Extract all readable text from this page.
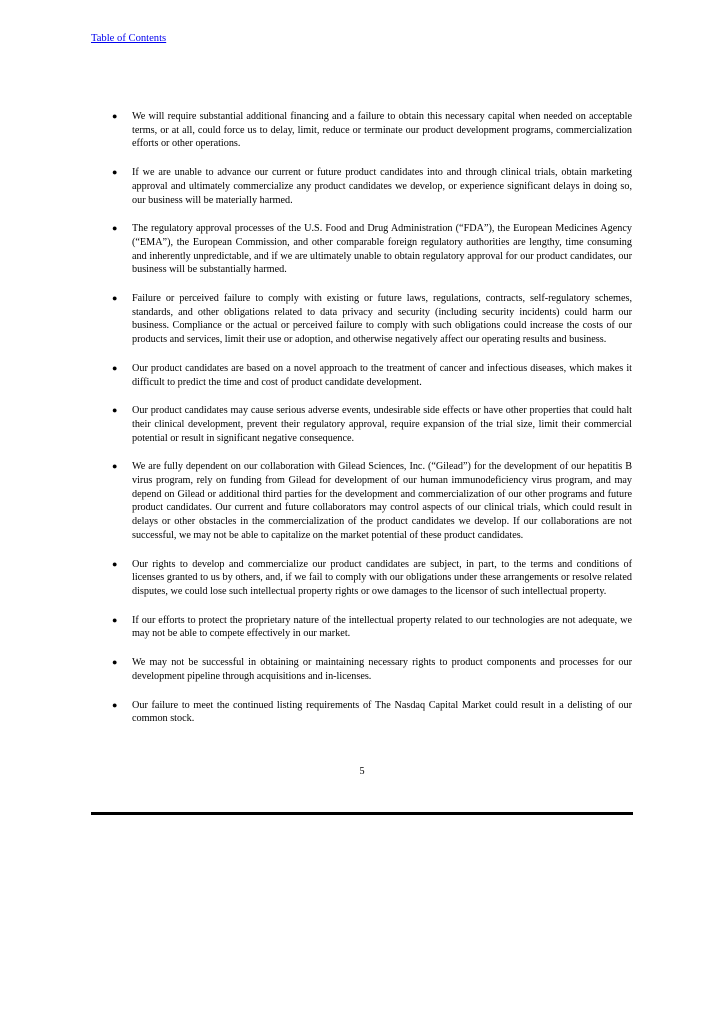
Table of Contents
● We will require substantial additional financing and a failure to obtain this necessary capital when needed on acceptable terms, or at all, could force us to delay, limit, reduce or terminate our product development programs, commercialization efforts or other operations.
● If we are unable to advance our current or future product candidates into and through clinical trials, obtain marketing approval and ultimately commercialize any product candidates we develop, or experience significant delays in doing so, our business will be materially harmed.
● The regulatory approval processes of the U.S. Food and Drug Administration (“FDA”), the European Medicines Agency (“EMA”), the European Commission, and other comparable foreign regulatory authorities are lengthy, time consuming and inherently unpredictable, and if we are ultimately unable to obtain regulatory approval for our product candidates, our business will be substantially harmed.
● Failure or perceived failure to comply with existing or future laws, regulations, contracts, self-regulatory schemes, standards, and other obligations related to data privacy and security (including security incidents) could harm our business. Compliance or the actual or perceived failure to comply with such obligations could increase the costs of our products and services, limit their use or adoption, and otherwise negatively affect our operating results and business.
● Our product candidates are based on a novel approach to the treatment of cancer and infectious diseases, which makes it difficult to predict the time and cost of product candidate development.
● Our product candidates may cause serious adverse events, undesirable side effects or have other properties that could halt their clinical development, prevent their regulatory approval, require expansion of the trial size, limit their commercial potential or result in significant negative consequence.
● We are fully dependent on our collaboration with Gilead Sciences, Inc. (“Gilead”) for the development of our hepatitis B virus program, rely on funding from Gilead for development of our human immunodeficiency virus program, and may depend on Gilead or additional third parties for the development and commercialization of our other programs and future product candidates. Our current and future collaborators may control aspects of our clinical trials, which could result in delays or other obstacles in the commercialization of the product candidates we develop. If our collaborations are not successful, we may not be able to capitalize on the market potential of these product candidates.
● Our rights to develop and commercialize our product candidates are subject, in part, to the terms and conditions of licenses granted to us by others, and, if we fail to comply with our obligations under these arrangements or resolve related disputes, we could lose such intellectual property rights or owe damages to the licensor of such intellectual property.
● If our efforts to protect the proprietary nature of the intellectual property related to our technologies are not adequate, we may not be able to compete effectively in our market.
● We may not be successful in obtaining or maintaining necessary rights to product components and processes for our development pipeline through acquisitions and in-licenses.
● Our failure to meet the continued listing requirements of The Nasdaq Capital Market could result in a delisting of our common stock.
5
